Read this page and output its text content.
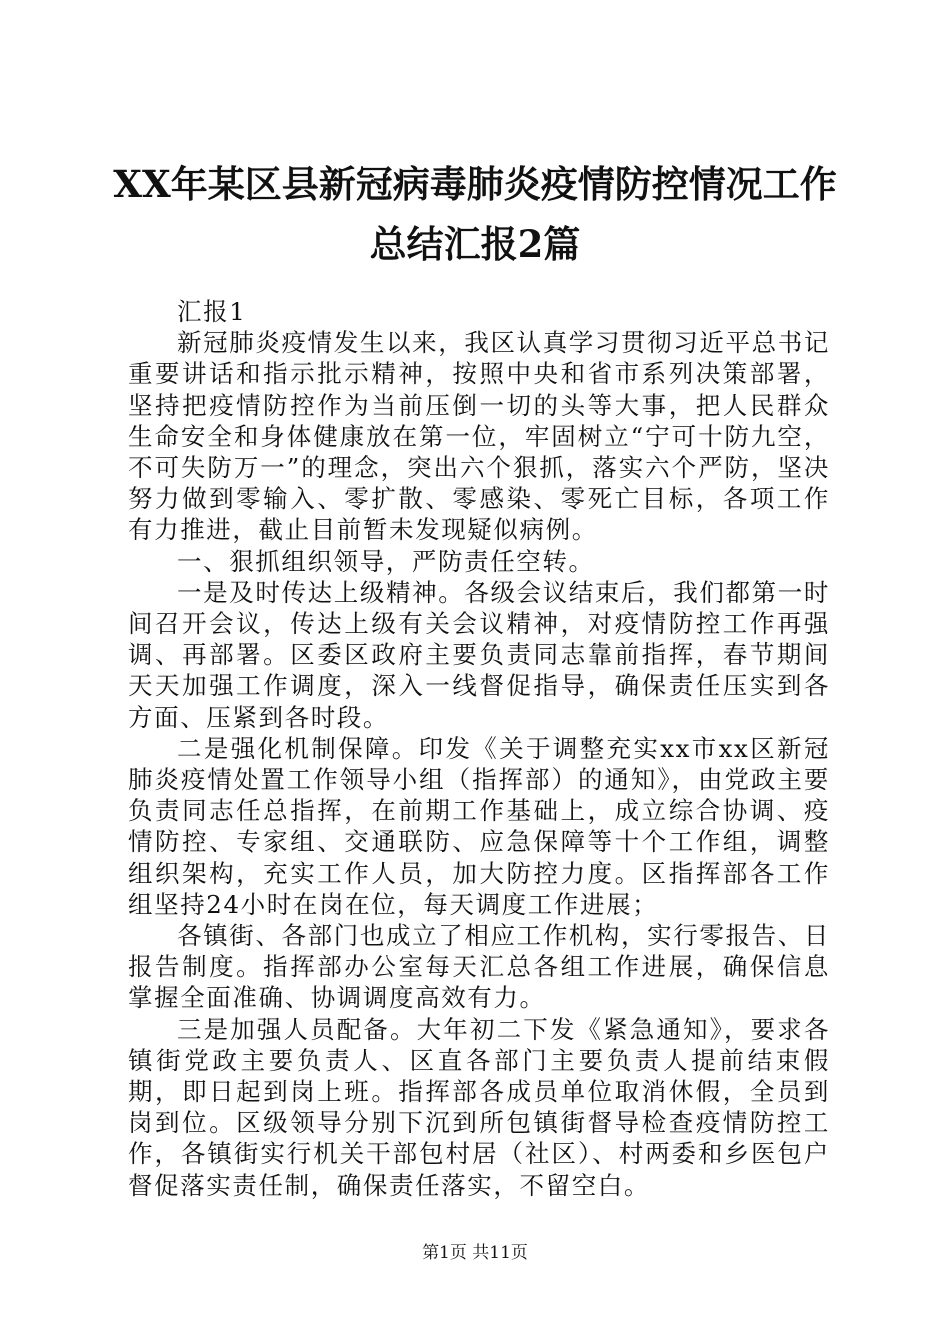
XX年某区县新冠病毒肺炎疫情防控情况工作
总结汇报2篇

汇报1

新冠肺炎疫情发生以来，我区认真学习贯彻习近平总书记重要讲话和指示批示精神，按照中央和省市系列决策部署，坚持把疫情防控作为当前压倒一切的头等大事，把人民群众生命安全和身体健康放在第一位，牢固树立“宁可十防九空，不可失防万一”的理念，突出六个狠抓，落实六个严防，坚决努力做到零输入、零扩散、零感染、零死亡目标，各项工作有力推进，截止目前暂未发现疑似病例。

一、狠抓组织领导，严防责任空转。

一是及时传达上级精神。各级会议结束后，我们都第一时间召开会议，传达上级有关会议精神，对疫情防控工作再强调、再部署。区委区政府主要负责同志靠前指挥，春节期间天天加强工作调度，深入一线督促指导，确保责任压实到各方面、压紧到各时段。

二是强化机制保障。印发《关于调整充实xx市xx区新冠肺炎疫情处置工作领导小组（指挥部）的通知》，由党政主要负责同志任总指挥，在前期工作基础上，成立综合协调、疫情防控、专家组、交通联防、应急保障等十个工作组，调整组织架构，充实工作人员，加大防控力度。区指挥部各工作组坚持24小时在岗在位，每天调度工作进展；

各镇街、各部门也成立了相应工作机构，实行零报告、日报告制度。指挥部办公室每天汇总各组工作进展，确保信息掌握全面准确、协调调度高效有力。

三是加强人员配备。大年初二下发《紧急通知》，要求各镇街党政主要负责人、区直各部门主要负责人提前结束假期，即日起到岗上班。指挥部各成员单位取消休假，全员到岗到位。区级领导分别下沉到所包镇街督导检查疫情防控工作，各镇街实行机关干部包村居（社区）、村两委和乡医包户督促落实责任制，确保责任落实，不留空白。

第1页 共11页
